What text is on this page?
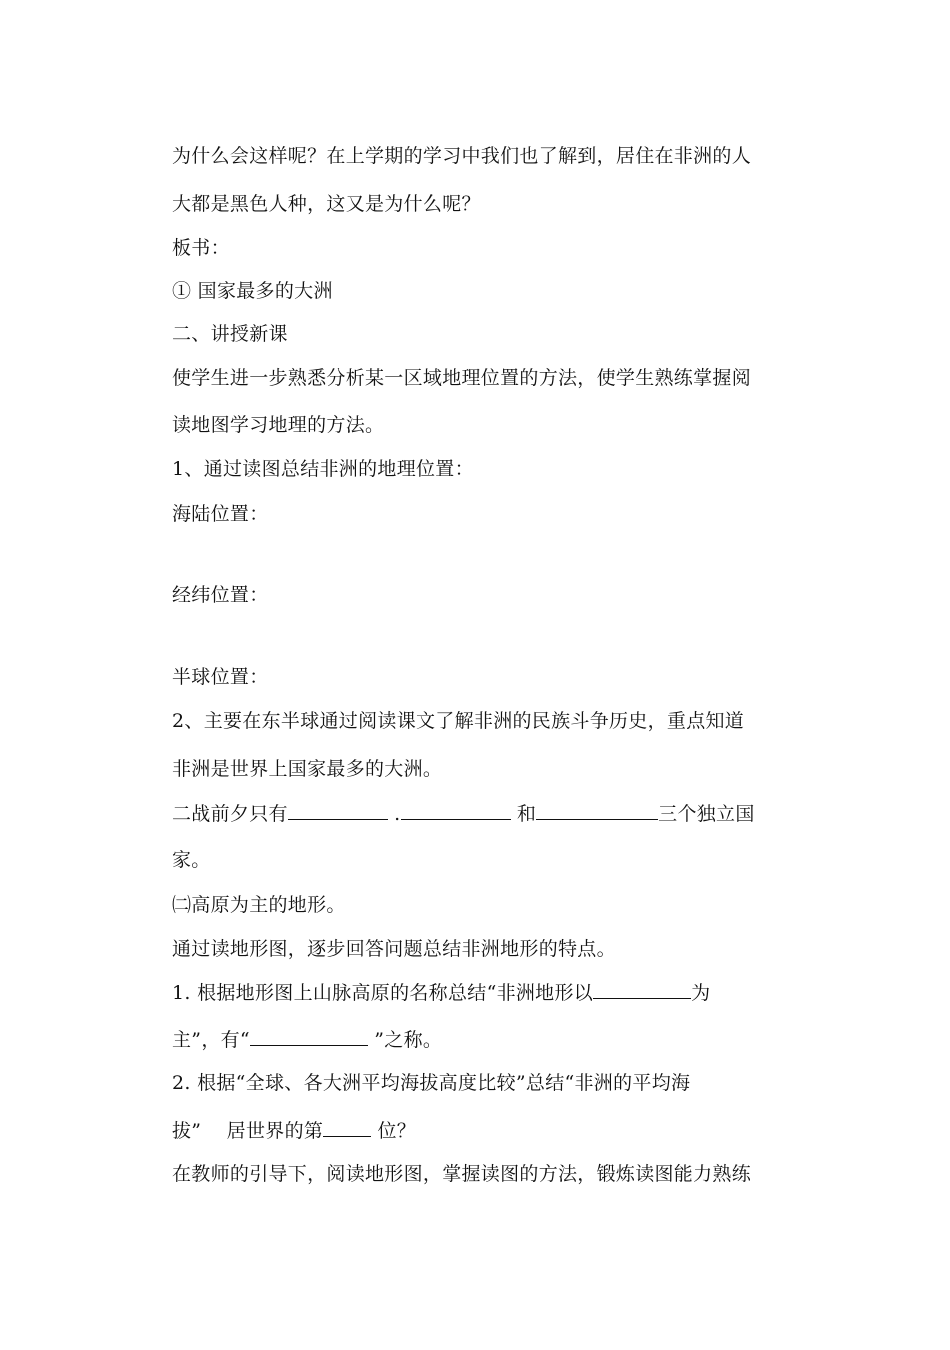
为什么会这样呢？在上学期的学习中我们也了解到，居住在非洲的人
大都是黑色人种，这又是为什么呢？
板书：
① 国家最多的大洲
二、讲授新课
使学生进一步熟悉分析某一区域地理位置的方法，使学生熟练掌握阅
读地图学习地理的方法。
1、通过读图总结非洲的地理位置：
海陆位置：
经纬位置：
半球位置：
2、主要在东半球通过阅读课文了解非洲的民族斗争历史，重点知道
非洲是世界上国家最多的大洲。
二战前夕只有	.	和	三个独立国
家。
㈡高原为主的地形。
通过读地形图，逐步回答问题总结非洲地形的特点。
1. 根据地形图上山脉高原的名称总结“非洲地形以	为
主”，有“	”之称。
2. 根据“全球、各大洲平均海拔高度比较”总结“非洲的平均海
拔”    居世界的第	位？
在教师的引导下，阅读地形图，掌握读图的方法，锻炼读图能力熟练
